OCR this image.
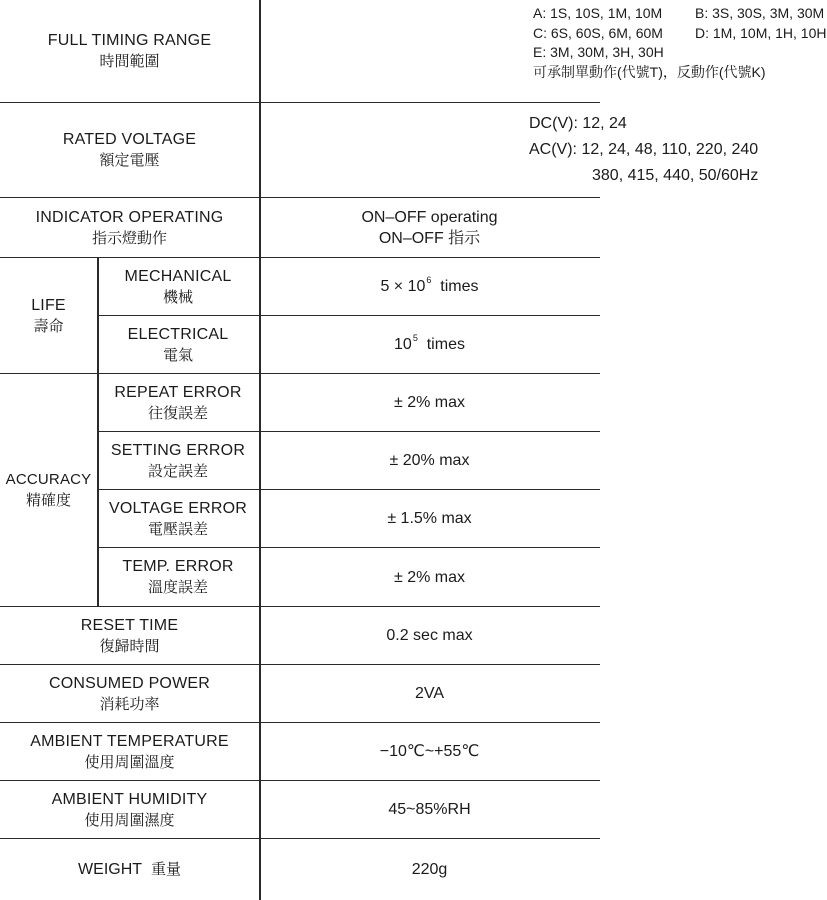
FULL TIMING RANGE
時間範圍
A: 1S, 10S, 1M, 10M B: 3S, 30S, 3M, 30M
C: 6S, 60S, 6M, 60M D: 1M, 10M, 1H, 10H
E: 3M, 30M, 3H, 30H
可承制單動作(代號T)，反動作(代號K)
RATED VOLTAGE
額定電壓
DC(V): 12, 24
AC(V): 12, 24, 48, 110, 220, 240
380, 415, 440, 50/60Hz
INDICATOR OPERATING
指示燈動作
ON–OFF operating
ON–OFF 指示
LIFE
壽命
MECHANICAL
機械
$5 \times 10^6$ times
ELECTRICAL
電氣
$10^5$ times
ACCURACY
精確度
REPEAT ERROR
往復誤差
± 2% max
SETTING ERROR
設定誤差
± 20% max
VOLTAGE ERROR
電壓誤差
± 1.5% max
TEMP. ERROR
溫度誤差
± 2% max
RESET TIME
復歸時間
0.2 sec max
CONSUMED POWER
消耗功率
2VA
AMBIENT TEMPERATURE
使用周圍溫度
−10℃~+55℃
AMBIENT HUMIDITY
使用周圍濕度
45~85%RH
WEIGHT
重量	220g
